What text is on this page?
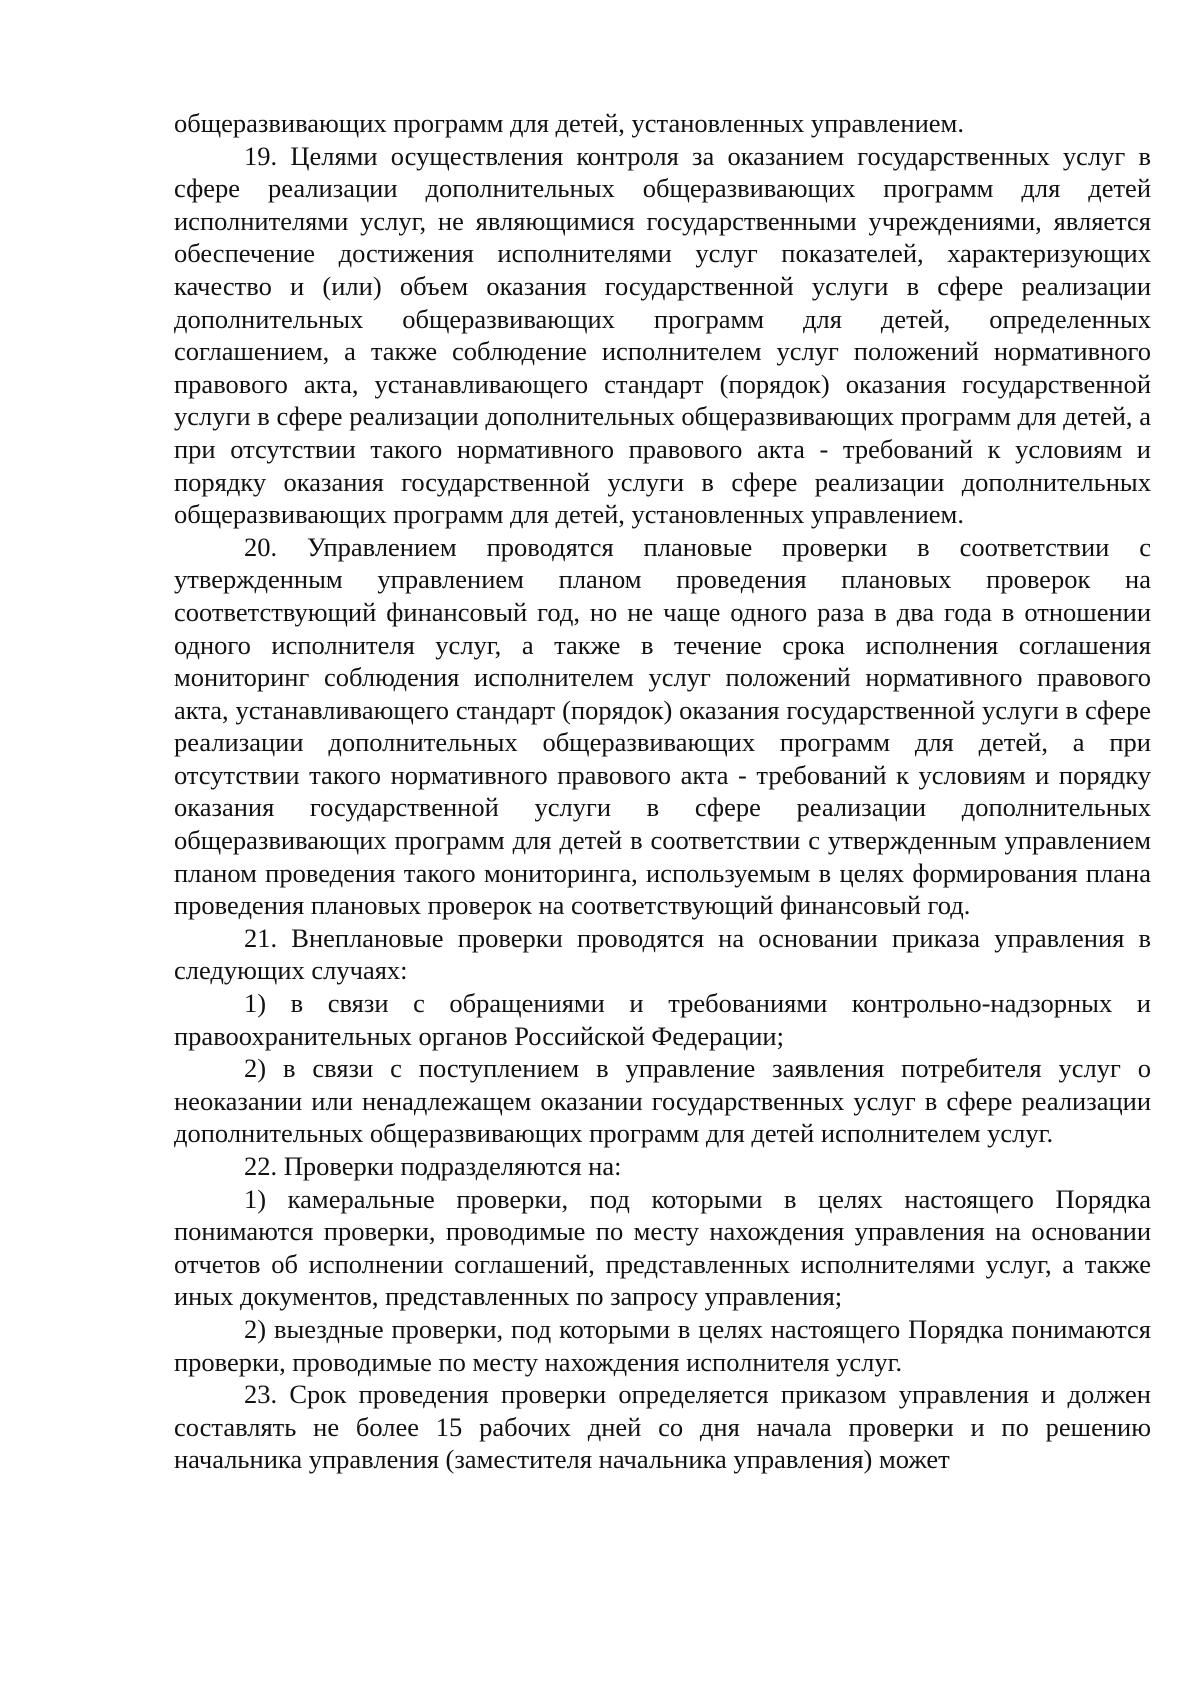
общеразвивающих программ для детей, установленных управлением.

19. Целями осуществления контроля за оказанием государственных услуг в сфере реализации дополнительных общеразвивающих программ для детей исполнителями услуг, не являющимися государственными учреждениями, является обеспечение достижения исполнителями услуг показателей, характеризующих качество и (или) объем оказания государственной услуги в сфере реализации дополнительных общеразвивающих программ для детей, определенных соглашением, а также соблюдение исполнителем услуг положений нормативного правового акта, устанавливающего стандарт (порядок) оказания государственной услуги в сфере реализации дополнительных общеразвивающих программ для детей, а при отсутствии такого нормативного правового акта - требований к условиям и порядку оказания государственной услуги в сфере реализации дополнительных общеразвивающих программ для детей, установленных управлением.

20. Управлением проводятся плановые проверки в соответствии с утвержденным управлением планом проведения плановых проверок на соответствующий финансовый год, но не чаще одного раза в два года в отношении одного исполнителя услуг, а также в течение срока исполнения соглашения мониторинг соблюдения исполнителем услуг положений нормативного правового акта, устанавливающего стандарт (порядок) оказания государственной услуги в сфере реализации дополнительных общеразвивающих программ для детей, а при отсутствии такого нормативного правового акта - требований к условиям и порядку оказания государственной услуги в сфере реализации дополнительных общеразвивающих программ для детей в соответствии с утвержденным управлением планом проведения такого мониторинга, используемым в целях формирования плана проведения плановых проверок на соответствующий финансовый год.

21. Внеплановые проверки проводятся на основании приказа управления в следующих случаях:

1) в связи с обращениями и требованиями контрольно-надзорных и правоохранительных органов Российской Федерации;

2) в связи с поступлением в управление заявления потребителя услуг о неоказании или ненадлежащем оказании государственных услуг в сфере реализации дополнительных общеразвивающих программ для детей исполнителем услуг.

22. Проверки подразделяются на:

1) камеральные проверки, под которыми в целях настоящего Порядка понимаются проверки, проводимые по месту нахождения управления на основании отчетов об исполнении соглашений, представленных исполнителями услуг, а также иных документов, представленных по запросу управления;

2) выездные проверки, под которыми в целях настоящего Порядка понимаются проверки, проводимые по месту нахождения исполнителя услуг.

23. Срок проведения проверки определяется приказом управления и должен составлять не более 15 рабочих дней со дня начала проверки и по решению начальника управления (заместителя начальника управления) может
